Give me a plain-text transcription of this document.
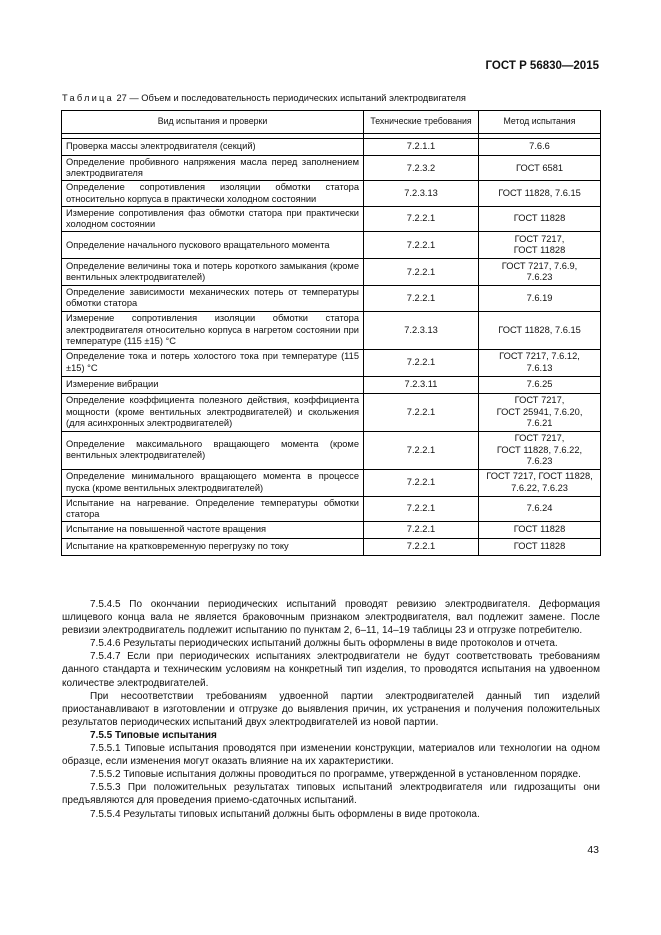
ГОСТ Р 56830—2015
Таблица 27 — Объем и последовательность периодических испытаний электродвигателя
Вид испытания и проверки	Технические требования	Метод испытания

Проверка массы электродвигателя (секций)	7.2.1.1	7.6.6
Определение пробивного напряжения масла перед заполнением электродвигателя	7.2.3.2	ГОСТ 6581
Определение сопротивления изоляции обмотки статора относительно корпуса в практически холодном состоянии	7.2.3.13	ГОСТ 11828, 7.6.15
Измерение сопротивления фаз обмотки статора при практически холодном состоянии	7.2.2.1	ГОСТ 11828
Определение начального пускового вращательного момента	7.2.2.1	ГОСТ 7217,
ГОСТ 11828
Определение величины тока и потерь короткого замыкания (кроме вентильных электродвигателей)	7.2.2.1	ГОСТ 7217, 7.6.9,
7.6.23
Определение зависимости механических потерь от температуры обмотки статора	7.2.2.1	7.6.19
Измерение сопротивления изоляции обмотки статора электродвигателя относительно корпуса в нагретом состоянии при температуре (115 ±15) °С	7.2.3.13	ГОСТ 11828, 7.6.15
Определение тока и потерь холостого тока при температуре (115 ±15) °С	7.2.2.1	ГОСТ 7217, 7.6.12,
7.6.13
Измерение вибрации	7.2.3.11	7.6.25
Определение коэффициента полезного действия, коэффициента мощности (кроме вентильных электродвигателей) и скольжения (для асинхронных электродвигателей)	7.2.2.1	ГОСТ 7217,
ГОСТ 25941, 7.6.20,
7.6.21
Определение максимального вращающего момента (кроме вентильных электродвигателей)	7.2.2.1	ГОСТ 7217,
ГОСТ 11828, 7.6.22,
7.6.23
Определение минимального вращающего момента в процессе пуска (кроме вентильных электродвигателей)	7.2.2.1	ГОСТ 7217, ГОСТ 11828,
7.6.22, 7.6.23
Испытание на нагревание. Определение температуры обмотки статора	7.2.2.1	7.6.24
Испытание на повышенной частоте вращения	7.2.2.1	ГОСТ 11828
Испытание на кратковременную перегрузку по току	7.2.2.1	ГОСТ 11828

7.5.4.5 По окончании периодических испытаний проводят ревизию электродвигателя. Деформация шлицевого конца вала не является браковочным признаком электродвигателя, вал подлежит замене. После ревизии электродвигатель подлежит испытанию по пунктам 2, 6–11, 14–19 таблицы 23 и отгрузке потребителю.

7.5.4.6 Результаты периодических испытаний должны быть оформлены в виде протоколов и отчета.

7.5.4.7 Если при периодических испытаниях электродвигатели не будут соответствовать требованиям данного стандарта и техническим условиям на конкретный тип изделия, то проводятся испытания на удвоенном количестве электродвигателей.

При несоответствии требованиям удвоенной партии электродвигателей данный тип изделий приостанавливают в изготовлении и отгрузке до выявления причин, их устранения и получения положительных результатов периодических испытаний двух электродвигателей из новой партии.

7.5.5 Типовые испытания

7.5.5.1 Типовые испытания проводятся при изменении конструкции, материалов или технологии на одном образце, если изменения могут оказать влияние на их характеристики.

7.5.5.2 Типовые испытания должны проводиться по программе, утвержденной в установленном порядке.

7.5.5.3 При положительных результатах типовых испытаний электродвигателя или гидрозащиты они предъявляются для проведения приемо-сдаточных испытаний.

7.5.5.4 Результаты типовых испытаний должны быть оформлены в виде протокола.

43
